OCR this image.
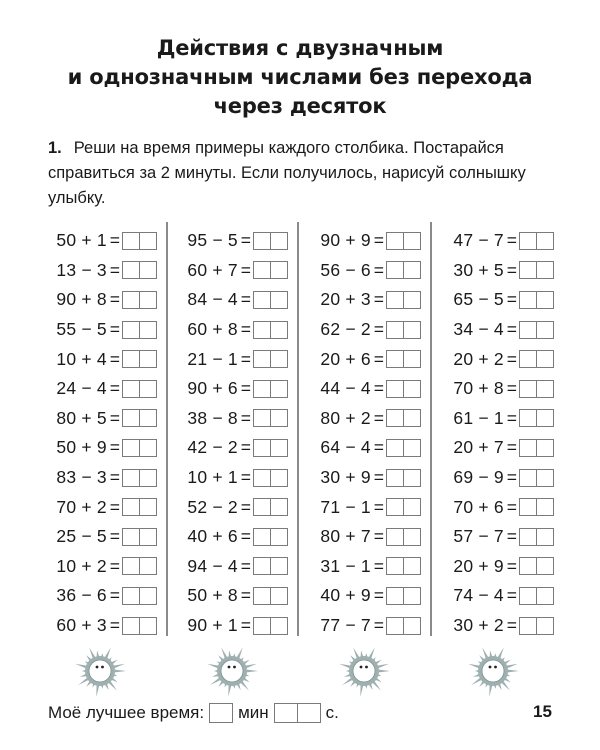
Действия с двузначным
и однозначным числами без перехода
через десяток
1. Реши на время примеры каждого столбика. Постарайся справиться за 2 минуты. Если получилось, нарисуй солнышку улыбку.
50 + 1 =
13 − 3 =
90 + 8 =
55 − 5 =
10 + 4 =
24 − 4 =
80 + 5 =
50 + 9 =
83 − 3 =
70 + 2 =
25 − 5 =
10 + 2 =
36 − 6 =
60 + 3 =
95 − 5 =
60 + 7 =
84 − 4 =
60 + 8 =
21 − 1 =
90 + 6 =
38 − 8 =
42 − 2 =
10 + 1 =
52 − 2 =
40 + 6 =
94 − 4 =
50 + 8 =
90 + 1 =
90 + 9 =
56 − 6 =
20 + 3 =
62 − 2 =
20 + 6 =
44 − 4 =
80 + 2 =
64 − 4 =
30 + 9 =
71 − 1 =
80 + 7 =
31 − 1 =
40 + 9 =
77 − 7 =
47 − 7 =
30 + 5 =
65 − 5 =
34 − 4 =
20 + 2 =
70 + 8 =
61 − 1 =
20 + 7 =
69 − 9 =
70 + 6 =
57 − 7 =
20 + 9 =
74 − 4 =
30 + 2 =
Моё лучшее время: мин	с.	15
